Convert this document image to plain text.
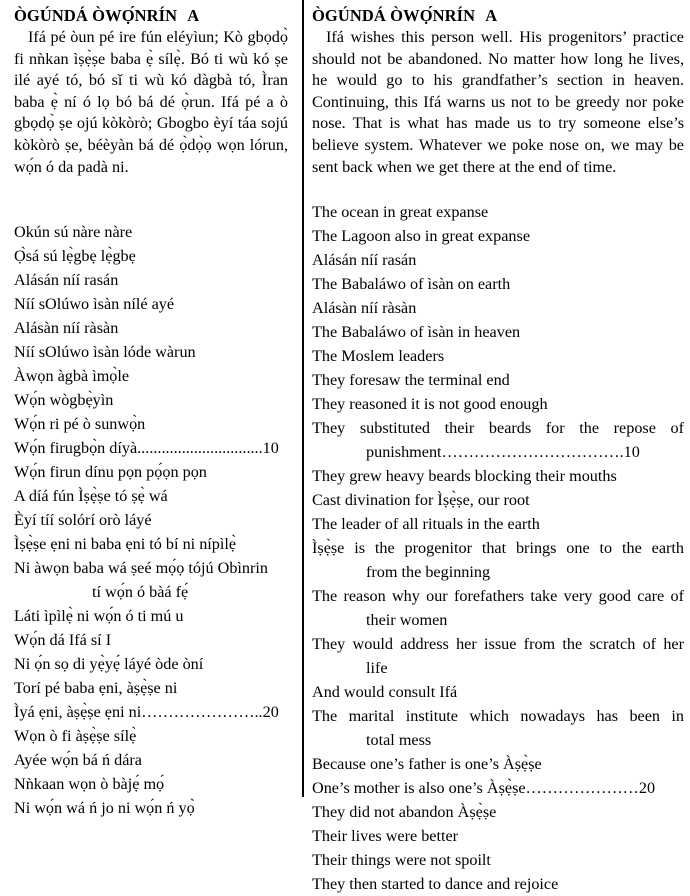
ÒGÚNDÁ ÒWỌ́NRÍN A

Ifá pé òun pé ire fún eléyìun; Kò gbọdọ̀ fi nǹkan ìṣẹ̀ṣe baba ẹ̀ sílẹ̀. Bó ti wù kó ṣe ilé ayé tó, bó sǐ ti wù kó dàgbà tó, Ìran baba ẹ̀ ní ó lọ bó bá dé ọ̀run. Ifá pé a ò gbọdọ̀ ṣe ojú kòkòrò; Gbogbo èyí táa sojú kòkòrò ṣe, béèyàn bá dé ọ̀dọ̀ọ wọn lórun, wọ́n ó da padà ni.

Okún sú nàre nàre
Ọ̀sá sú lẹ̀gbẹ lẹ̀gbẹ
Alásán níí rasán
Níí sOlúwo ìsàn nílé ayé
Alásàn níí ràsàn
Níí sOlúwo ìsàn lóde wàrun
Àwọn àgbà ìmọ̀le
Wọ́n wògbẹ̀yìn
Wọ́n ri pé ò sunwọ̀n
Wọ́n firugbọ̀n díyà...............................10
Wọ́n firun dínu pọn pọ́ọn pọn
A díá fún Ìṣẹ̀ṣe tó ṣẹ̀ wá
Èyí tíí solórí orò láyé
Ìṣẹ̀ṣe ẹni ni baba ẹni tó bí ni nípìlẹ̀
Ni àwọn baba wá ṣeé mọ́ọ tójú Obìnrin
tí wọ́n ó bàá fẹ́
Láti ìpìlẹ̀ ni wọ́n ó ti mú u
Wọ́n dá Ifá sí I
Ni ọ́n sọ di yẹ̀yẹ́ láyé òde òní
Torí pé baba ẹni, àṣẹ̀ṣe ni
Ìyá ẹni, àṣẹ̀ṣe ẹni ni…………………..20
Wọn ò fi àṣẹ̀ṣe sílẹ̀
Ayée wọ́n bá ń dára
Nǹkaan wọn ò bàjẹ́ mọ́
Ni wọ́n wá ń jo ni wọ́n ń yọ̀
ÒGÚNDÁ ÒWỌ́NRÍN A

Ifá wishes this person well. His progenitors’ practice should not be abandoned. No matter how long he lives, he would go to his grandfather’s section in heaven. Continuing, this Ifá warns us not to be greedy nor poke nose. That is what has made us to try someone else’s believe system. Whatever we poke nose on, we may be sent back when we get there at the end of time.

The ocean in great expanse
The Lagoon also in great expanse
Alásán níí rasán
The Babaláwo of ìsàn on earth
Alásàn níí ràsàn
The Babaláwo of ìsàn in heaven
The Moslem leaders
They foresaw the terminal end
They reasoned it is not good enough
They substituted their beards for the repose of
punishment…………………………….10
They grew heavy beards blocking their mouths
Cast divination for Ìṣẹ̀ṣe, our root
The leader of all rituals in the earth
Ìṣẹ̀ṣe is the progenitor that brings one to the earth
from the beginning
The reason why our forefathers take very good care of
their women
They would address her issue from the scratch of her
life
And would consult Ifá
The marital institute which nowadays has been in
total mess
Because one’s father is one’s Àṣẹ̀ṣe
One’s mother is also one’s Àṣẹ̀ṣe…………………20
They did not abandon Àṣẹ̀ṣe
Their lives were better
Their things were not spoilt
They then started to dance and rejoice
